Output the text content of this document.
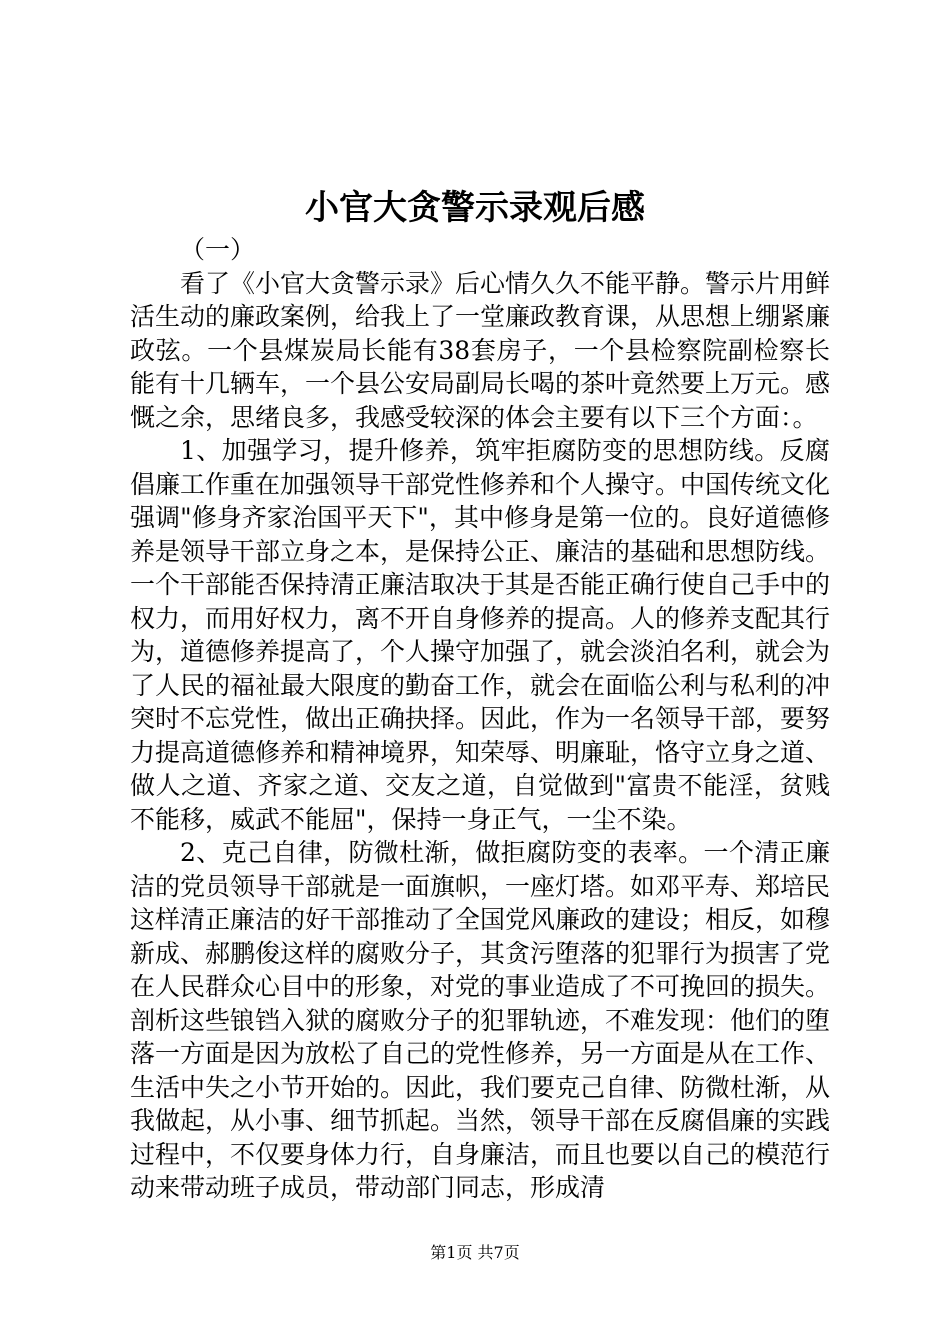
小官大贪警示录观后感

（一）

看了《小官大贪警示录》后心情久久不能平静。警示片用鲜活生动的廉政案例，给我上了一堂廉政教育课，从思想上绷紧廉政弦。一个县煤炭局长能有38套房子，一个县检察院副检察长能有十几辆车，一个县公安局副局长喝的茶叶竟然要上万元。感慨之余，思绪良多，我感受较深的体会主要有以下三个方面：。

1、加强学习，提升修养，筑牢拒腐防变的思想防线。反腐倡廉工作重在加强领导干部党性修养和个人操守。中国传统文化强调"修身齐家治国平天下"，其中修身是第一位的。良好道德修养是领导干部立身之本，是保持公正、廉洁的基础和思想防线。一个干部能否保持清正廉洁取决于其是否能正确行使自己手中的权力，而用好权力，离不开自身修养的提高。人的修养支配其行为，道德修养提高了，个人操守加强了，就会淡泊名利，就会为了人民的福祉最大限度的勤奋工作，就会在面临公利与私利的冲突时不忘党性，做出正确抉择。因此，作为一名领导干部，要努力提高道德修养和精神境界，知荣辱、明廉耻，恪守立身之道、做人之道、齐家之道、交友之道，自觉做到"富贵不能淫，贫贱不能移，威武不能屈"，保持一身正气，一尘不染。

2、克己自律，防微杜渐，做拒腐防变的表率。一个清正廉洁的党员领导干部就是一面旗帜，一座灯塔。如邓平寿、郑培民这样清正廉洁的好干部推动了全国党风廉政的建设；相反，如穆新成、郝鹏俊这样的腐败分子，其贪污堕落的犯罪行为损害了党在人民群众心目中的形象，对党的事业造成了不可挽回的损失。剖析这些锒铛入狱的腐败分子的犯罪轨迹，不难发现：他们的堕落一方面是因为放松了自己的党性修养，另一方面是从在工作、生活中失之小节开始的。因此，我们要克己自律、防微杜渐，从我做起，从小事、细节抓起。当然，领导干部在反腐倡廉的实践过程中，不仅要身体力行，自身廉洁，而且也要以自己的模范行动来带动班子成员，带动部门同志，形成清

第1页 共7页
